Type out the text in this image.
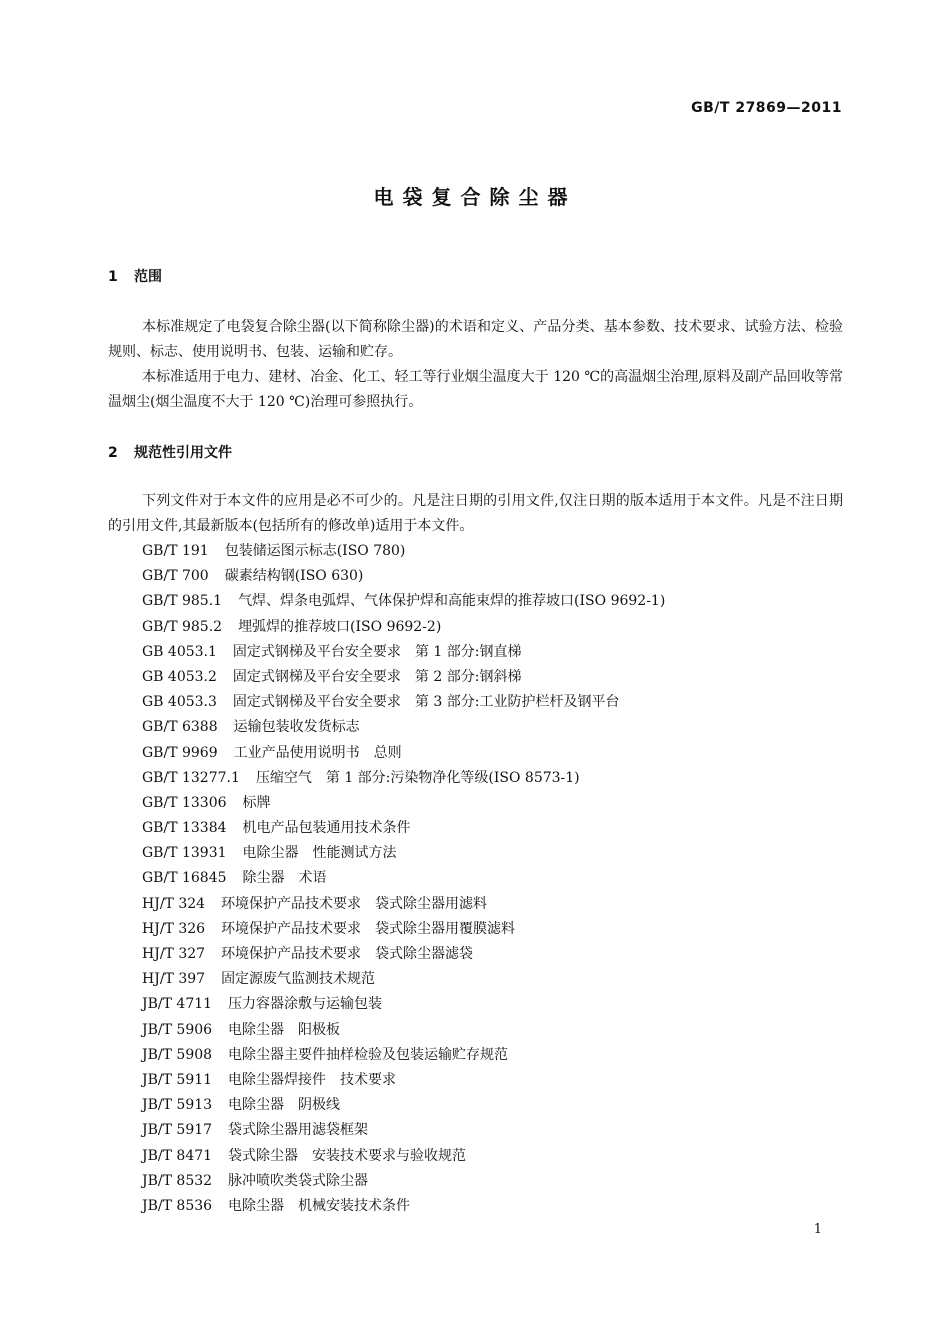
GB/T 27869—2011
电袋复合除尘器
1 范围

本标准规定了电袋复合除尘器(以下简称除尘器)的术语和定义、产品分类、基本参数、技术要求、试验方法、检验规则、标志、使用说明书、包装、运输和贮存。

本标准适用于电力、建材、冶金、化工、轻工等行业烟尘温度大于 120 ℃的高温烟尘治理,原料及副产品回收等常温烟尘(烟尘温度不大于 120 ℃)治理可参照执行。

2 规范性引用文件

下列文件对于本文件的应用是必不可少的。凡是注日期的引用文件,仅注日期的版本适用于本文件。凡是不注日期的引用文件,其最新版本(包括所有的修改单)适用于本文件。

GB/T 191 包装储运图示标志(ISO 780)
GB/T 700 碳素结构钢(ISO 630)
GB/T 985.1 气焊、焊条电弧焊、气体保护焊和高能束焊的推荐坡口(ISO 9692-1)
GB/T 985.2 埋弧焊的推荐坡口(ISO 9692-2)
GB 4053.1 固定式钢梯及平台安全要求　第 1 部分:钢直梯
GB 4053.2 固定式钢梯及平台安全要求　第 2 部分:钢斜梯
GB 4053.3 固定式钢梯及平台安全要求　第 3 部分:工业防护栏杆及钢平台
GB/T 6388 运输包装收发货标志
GB/T 9969 工业产品使用说明书　总则
GB/T 13277.1 压缩空气　第 1 部分:污染物净化等级(ISO 8573-1)
GB/T 13306 标牌
GB/T 13384 机电产品包装通用技术条件
GB/T 13931 电除尘器　性能测试方法
GB/T 16845 除尘器　术语
HJ/T 324 环境保护产品技术要求　袋式除尘器用滤料
HJ/T 326 环境保护产品技术要求　袋式除尘器用覆膜滤料
HJ/T 327 环境保护产品技术要求　袋式除尘器滤袋
HJ/T 397 固定源废气监测技术规范
JB/T 4711 压力容器涂敷与运输包装
JB/T 5906 电除尘器　阳极板
JB/T 5908 电除尘器主要件抽样检验及包装运输贮存规范
JB/T 5911 电除尘器焊接件　技术要求
JB/T 5913 电除尘器　阴极线
JB/T 5917 袋式除尘器用滤袋框架
JB/T 8471 袋式除尘器　安装技术要求与验收规范
JB/T 8532 脉冲喷吹类袋式除尘器
JB/T 8536 电除尘器　机械安装技术条件
1
